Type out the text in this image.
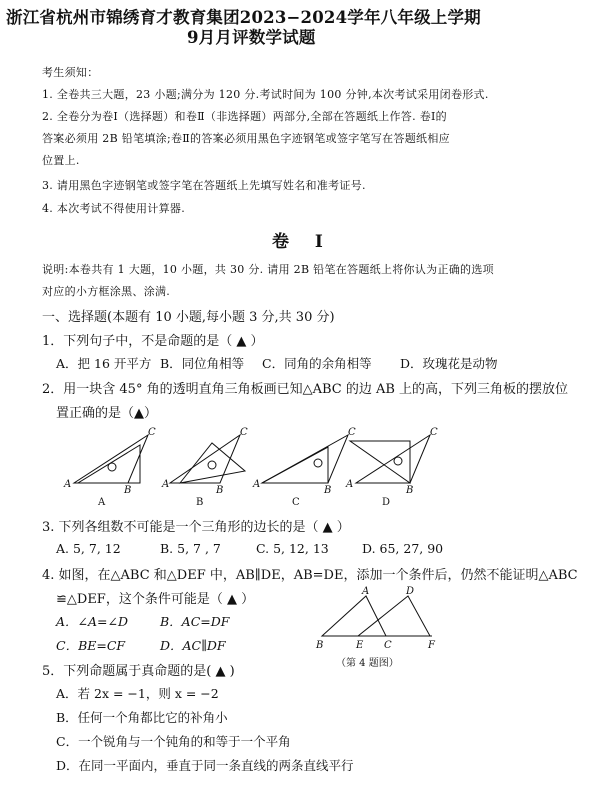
浙江省杭州市锦绣育才教育集团2023−2024学年八年级上学期
9月月评数学试题
考生须知：
1. 全卷共三大题，23 小题;满分为 120 分.考试时间为 100 分钟,本次考试采用闭卷形式.
2. 全卷分为卷Ⅰ（选择题）和卷Ⅱ（非选择题）两部分,全部在答题纸上作答. 卷Ⅰ的
答案必须用 2B 铅笔填涂;卷Ⅱ的答案必须用黑色字迹钢笔或签字笔写在答题纸相应
位置上.
3. 请用黑色字迹钢笔或签字笔在答题纸上先填写姓名和准考证号.
4. 本次考试不得使用计算器.
卷 Ⅰ
说明:本卷共有 1 大题，10 小题，共 30 分. 请用 2B 铅笔在答题纸上将你认为正确的选项
对应的小方框涂黑、涂满.
一、选择题(本题有 10 小题,每小题 3 分,共 30 分)
1．下列句子中，不是命题的是（ ▲ ）
A．把 16 开平方 B．同位角相等 C．同角的余角相等 D．玫瑰花是动物
2．用一块含 45° 角的透明直角三角板画已知△ABC 的边 AB 上的高，下列三角板的摆放位
置正确的是（▲）
A
B
C
A
B
C
A
B
C
A
B
C
A	B	C	D
3. 下列各组数不可能是一个三角形的边长的是（ ▲ ）
A. 5, 7, 12	B. 5, 7 , 7	C. 5, 12, 13	D. 65, 27, 90
4. 如图，在△ABC 和△DEF 中，AB∥DE，AB=DE，添加一个条件后，仍然不能证明△ABC
≌△DEF，这个条件可能是（ ▲ ）
A．∠A=∠D	B．AC=DF
C．BE=CF	D．AC∥DF
A	D
B	E C	F
（第 4 题图）
5．下列命题属于真命题的是( ▲ )
A．若 2x = −1，则 x = −2
B．任何一个角都比它的补角小
C．一个锐角与一个钝角的和等于一个平角
D．在同一平面内，垂直于同一条直线的两条直线平行
